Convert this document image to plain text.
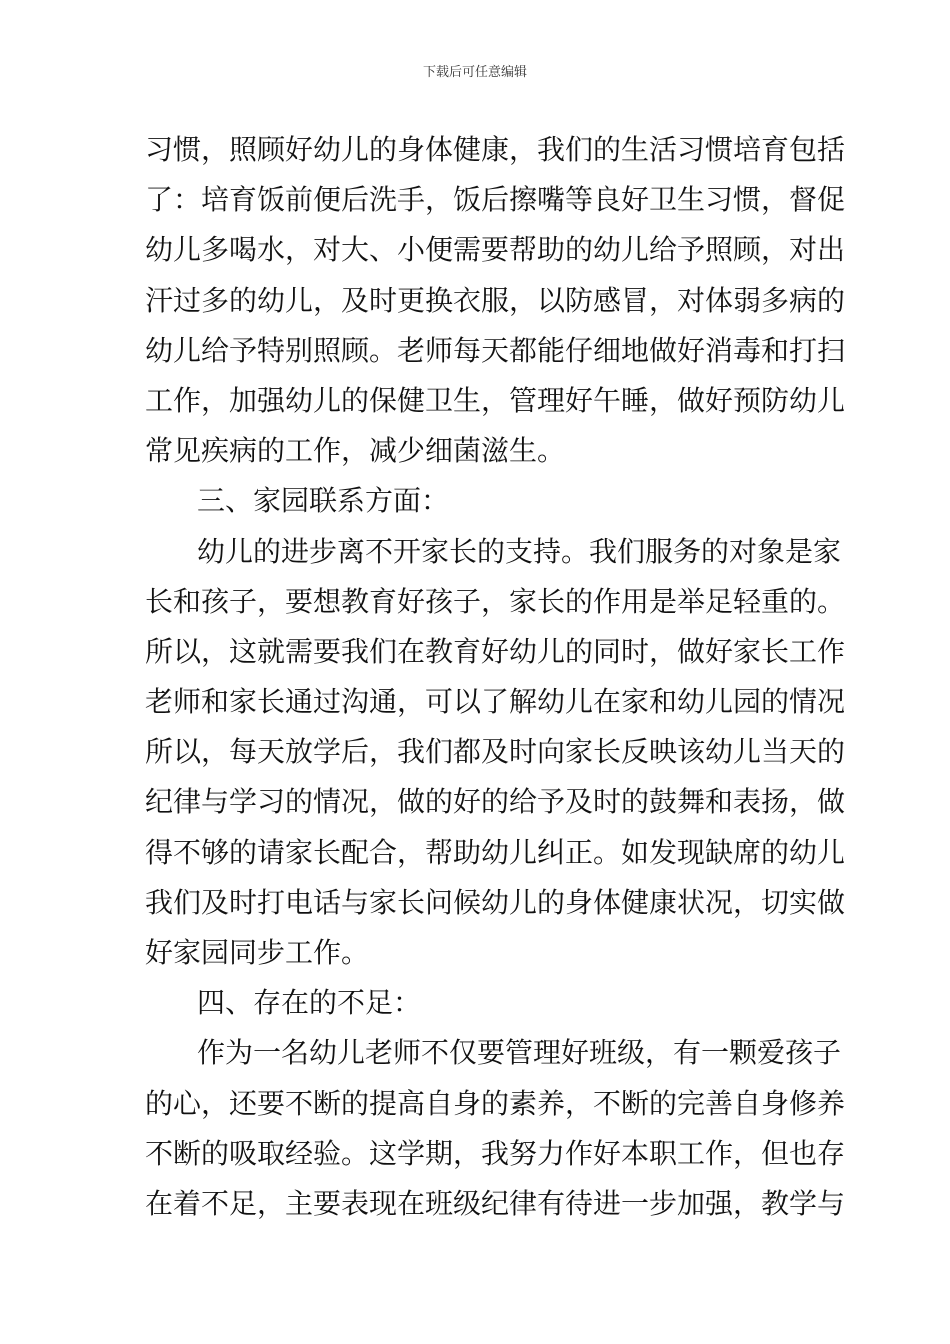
下载后可任意编辑
习惯，照顾好幼儿的身体健康，我们的生活习惯培育包括
了：培育饭前便后洗手，饭后擦嘴等良好卫生习惯，督促
幼儿多喝水，对大、小便需要帮助的幼儿给予照顾，对出
汗过多的幼儿，及时更换衣服，以防感冒，对体弱多病的
幼儿给予特别照顾。老师每天都能仔细地做好消毒和打扫
工作，加强幼儿的保健卫生，管理好午睡，做好预防幼儿
常见疾病的工作，减少细菌滋生。
三、家园联系方面：
幼儿的进步离不开家长的支持。我们服务的对象是家
长和孩子，要想教育好孩子，家长的作用是举足轻重的。
所以，这就需要我们在教育好幼儿的同时，做好家长工作
老师和家长通过沟通，可以了解幼儿在家和幼儿园的情况
所以，每天放学后，我们都及时向家长反映该幼儿当天的
纪律与学习的情况，做的好的给予及时的鼓舞和表扬，做
得不够的请家长配合，帮助幼儿纠正。如发现缺席的幼儿
我们及时打电话与家长问候幼儿的身体健康状况，切实做
好家园同步工作。
四、存在的不足：
作为一名幼儿老师不仅要管理好班级，有一颗爱孩子
的心，还要不断的提高自身的素养，不断的完善自身修养
不断的吸取经验。这学期，我努力作好本职工作，但也存
在着不足，主要表现在班级纪律有待进一步加强，教学与
